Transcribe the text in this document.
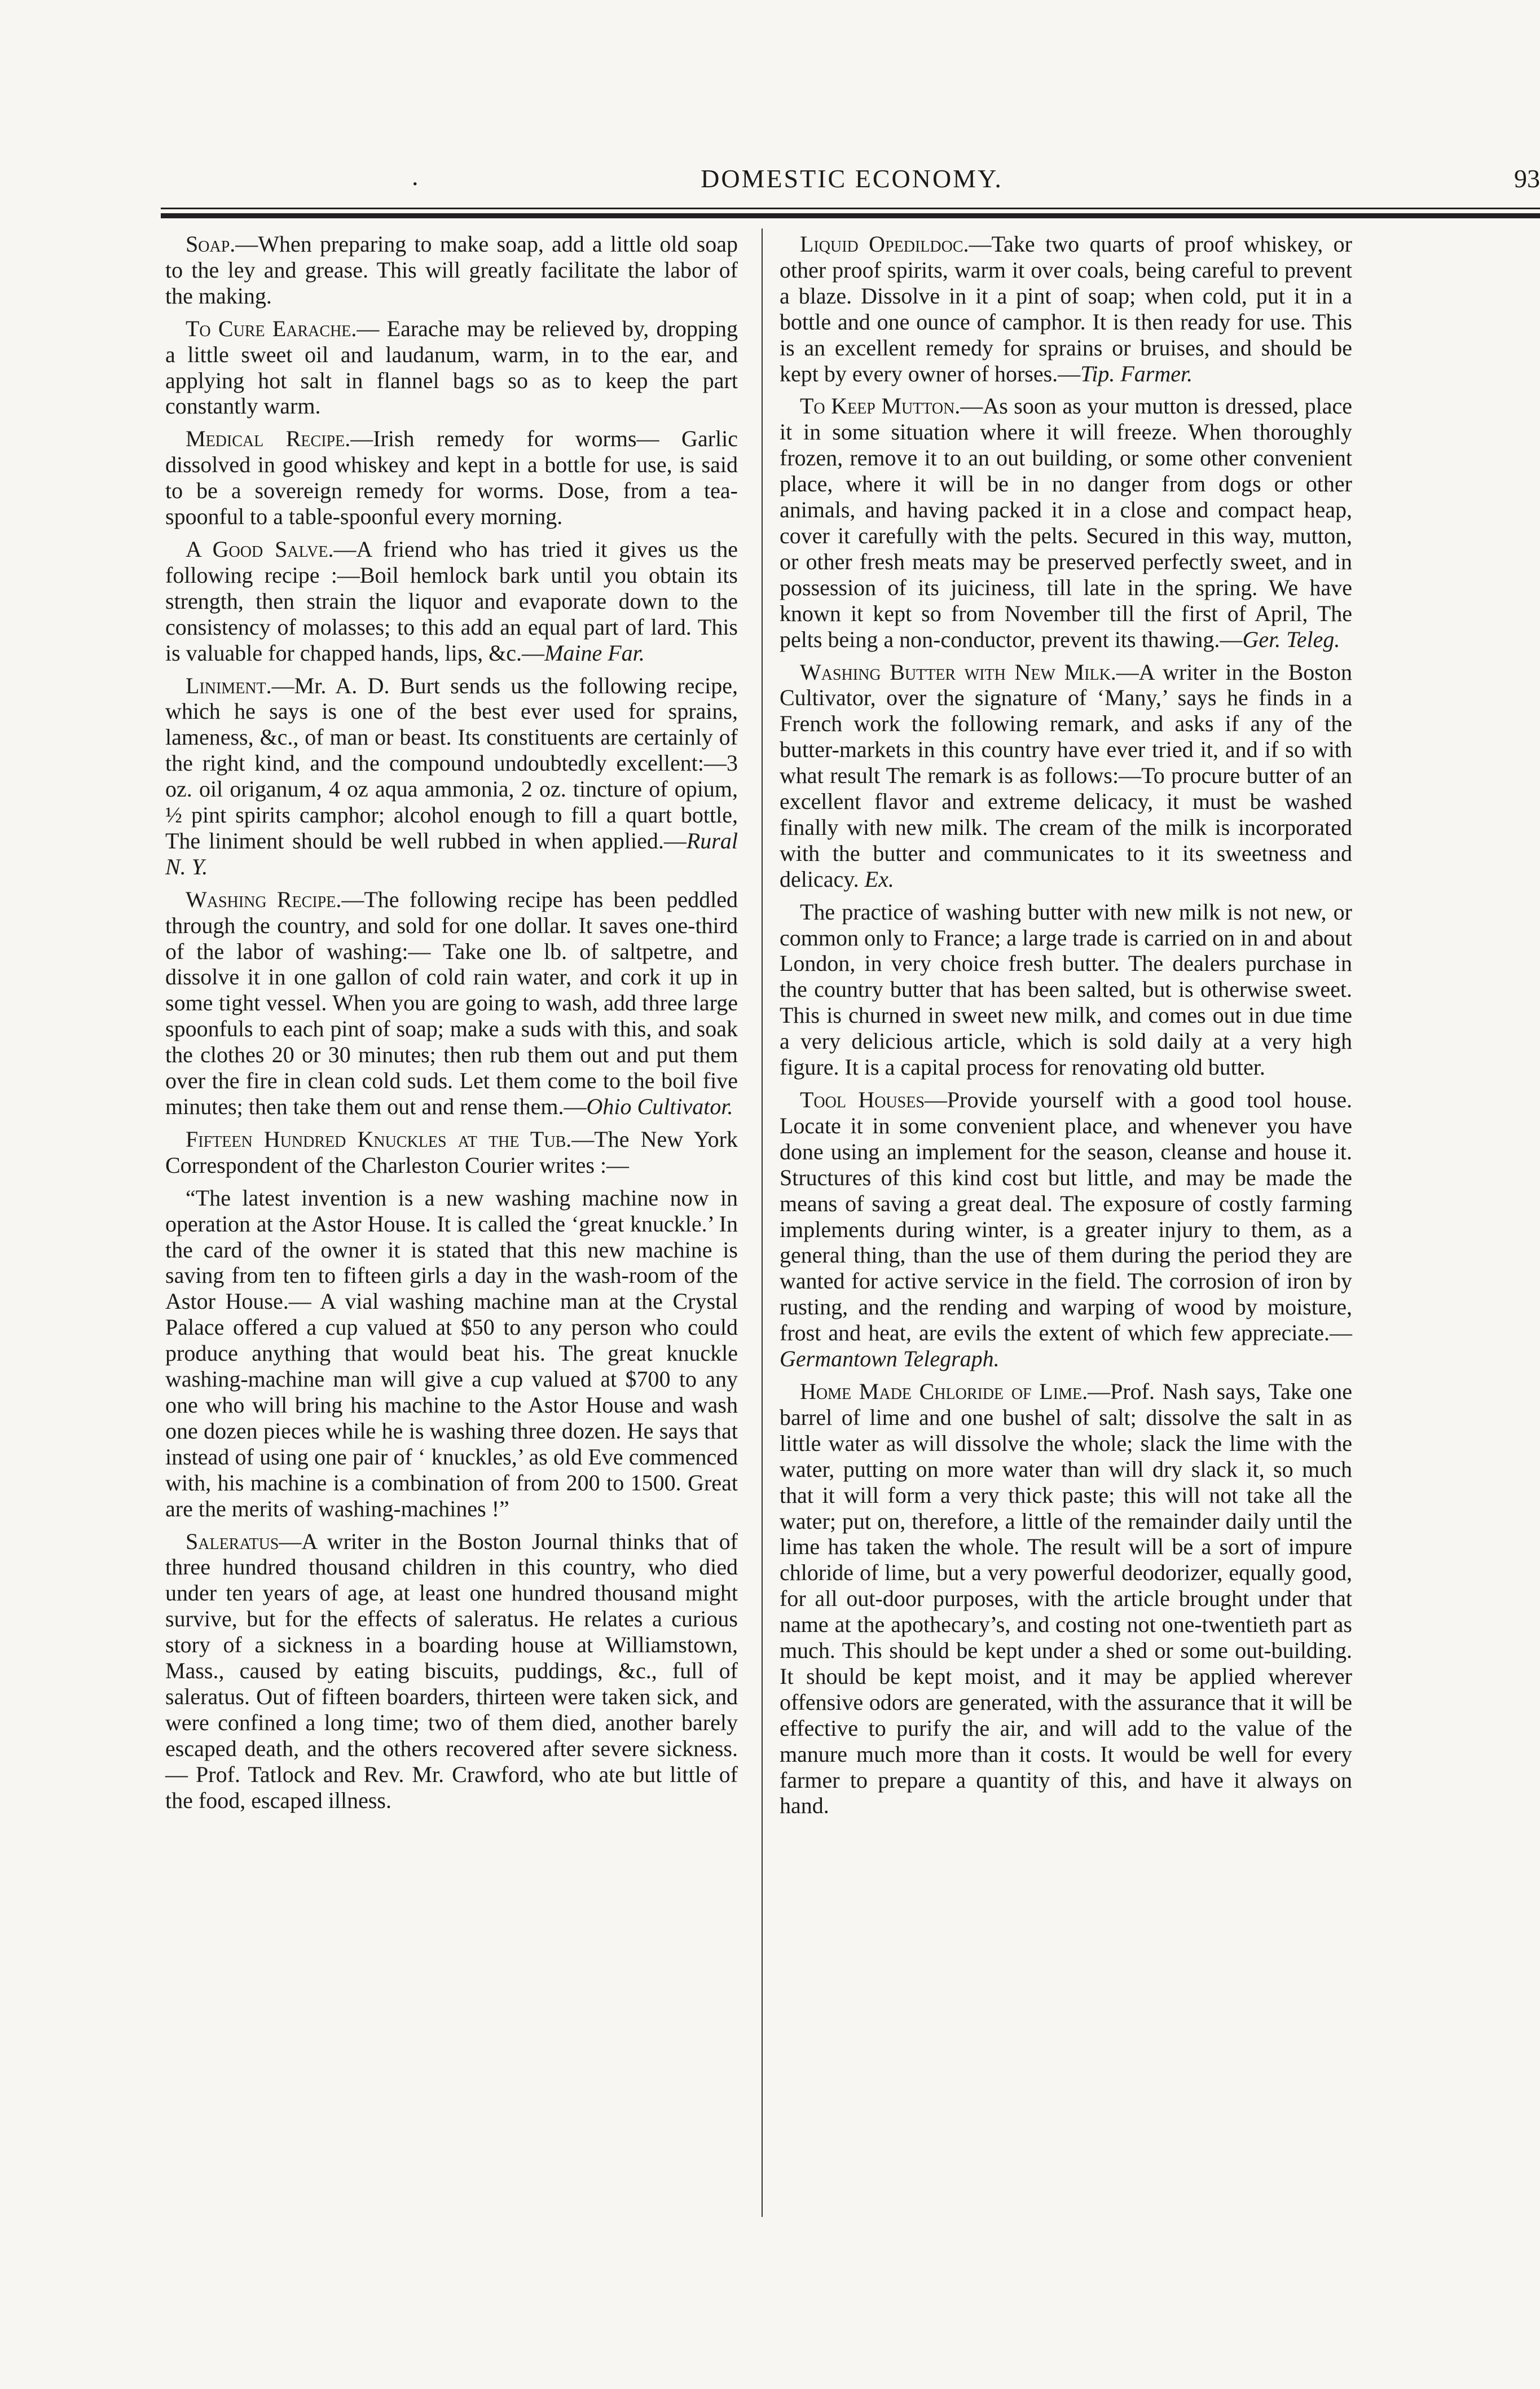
.	DOMESTIC ECONOMY.	93
Soap.—When preparing to make soap, add a little old soap to the ley and grease. This will greatly facilitate the labor of the making.
To Cure Earache.— Earache may be relieved by, dropping a little sweet oil and laudanum, warm, in to the ear, and applying hot salt in flannel bags so as to keep the part constantly warm.
Medical Recipe.—Irish remedy for worms— Garlic dissolved in good whiskey and kept in a bottle for use, is said to be a sovereign remedy for worms. Dose, from a tea-spoonful to a table-spoonful every morning.
A Good Salve.—A friend who has tried it gives us the following recipe :—Boil hemlock bark until you obtain its strength, then strain the liquor and evaporate down to the consistency of molasses; to this add an equal part of lard. This is valuable for chapped hands, lips, &c.—Maine Far.
Liniment.—Mr. A. D. Burt sends us the following recipe, which he says is one of the best ever used for sprains, lameness, &c., of man or beast. Its constituents are certainly of the right kind, and the compound undoubtedly excellent:—3 oz. oil origanum, 4 oz aqua ammonia, 2 oz. tincture of opium, ½ pint spirits camphor; alcohol enough to fill a quart bottle, The liniment should be well rubbed in when applied.—Rural N. Y.
Washing Recipe.—The following recipe has been peddled through the country, and sold for one dollar. It saves one-third of the labor of washing:— Take one lb. of saltpetre, and dissolve it in one gallon of cold rain water, and cork it up in some tight vessel. When you are going to wash, add three large spoonfuls to each pint of soap; make a suds with this, and soak the clothes 20 or 30 minutes; then rub them out and put them over the fire in clean cold suds. Let them come to the boil five minutes; then take them out and rense them.—Ohio Cultivator.
Fifteen Hundred Knuckles at the Tub.—The New York Correspondent of the Charleston Courier writes :—
“The latest invention is a new washing machine now in operation at the Astor House. It is called the ‘great knuckle.’ In the card of the owner it is stated that this new machine is saving from ten to fifteen girls a day in the wash-room of the Astor House.— A vial washing machine man at the Crystal Palace offered a cup valued at $50 to any person who could produce anything that would beat his. The great knuckle washing-machine man will give a cup valued at $700 to any one who will bring his machine to the Astor House and wash one dozen pieces while he is washing three dozen. He says that instead of using one pair of ‘ knuckles,’ as old Eve commenced with, his machine is a combination of from 200 to 1500. Great are the merits of washing-machines !”
Saleratus—A writer in the Boston Journal thinks that of three hundred thousand children in this country, who died under ten years of age, at least one hundred thousand might survive, but for the effects of saleratus. He relates a curious story of a sickness in a boarding house at Williamstown, Mass., caused by eating biscuits, puddings, &c., full of saleratus. Out of fifteen boarders, thirteen were taken sick, and were confined a long time; two of them died, another barely escaped death, and the others recovered after severe sickness.— Prof. Tatlock and Rev. Mr. Crawford, who ate but little of the food, escaped illness.
Liquid Opedildoc.—Take two quarts of proof whiskey, or other proof spirits, warm it over coals, being careful to prevent a blaze. Dissolve in it a pint of soap; when cold, put it in a bottle and one ounce of camphor. It is then ready for use. This is an excellent remedy for sprains or bruises, and should be kept by every owner of horses.—Tip. Farmer.
To Keep Mutton.—As soon as your mutton is dressed, place it in some situation where it will freeze. When thoroughly frozen, remove it to an out building, or some other convenient place, where it will be in no danger from dogs or other animals, and having packed it in a close and compact heap, cover it carefully with the pelts. Secured in this way, mutton, or other fresh meats may be preserved perfectly sweet, and in possession of its juiciness, till late in the spring. We have known it kept so from November till the first of April, The pelts being a non-conductor, prevent its thawing.—Ger. Teleg.
Washing Butter with New Milk.—A writer in the Boston Cultivator, over the signature of ‘Many,’ says he finds in a French work the following remark, and asks if any of the butter-markets in this country have ever tried it, and if so with what result The remark is as follows:—To procure butter of an excellent flavor and extreme delicacy, it must be washed finally with new milk. The cream of the milk is incorporated with the butter and communicates to it its sweetness and delicacy. Ex.
The practice of washing butter with new milk is not new, or common only to France; a large trade is carried on in and about London, in very choice fresh butter. The dealers purchase in the country butter that has been salted, but is otherwise sweet. This is churned in sweet new milk, and comes out in due time a very delicious article, which is sold daily at a very high figure. It is a capital process for renovating old butter.
Tool Houses—Provide yourself with a good tool house. Locate it in some convenient place, and whenever you have done using an implement for the season, cleanse and house it. Structures of this kind cost but little, and may be made the means of saving a great deal. The exposure of costly farming implements during winter, is a greater injury to them, as a general thing, than the use of them during the period they are wanted for active service in the field. The corrosion of iron by rusting, and the rending and warping of wood by moisture, frost and heat, are evils the extent of which few appreciate.—Germantown Telegraph.
Home Made Chloride of Lime.—Prof. Nash says, Take one barrel of lime and one bushel of salt; dissolve the salt in as little water as will dissolve the whole; slack the lime with the water, putting on more water than will dry slack it, so much that it will form a very thick paste; this will not take all the water; put on, therefore, a little of the remainder daily until the lime has taken the whole. The result will be a sort of impure chloride of lime, but a very powerful deodorizer, equally good, for all out-door purposes, with the article brought under that name at the apothecary’s, and costing not one-twentieth part as much. This should be kept under a shed or some out-building. It should be kept moist, and it may be applied wherever offensive odors are generated, with the assurance that it will be effective to purify the air, and will add to the value of the manure much more than it costs. It would be well for every farmer to prepare a quantity of this, and have it always on hand.
